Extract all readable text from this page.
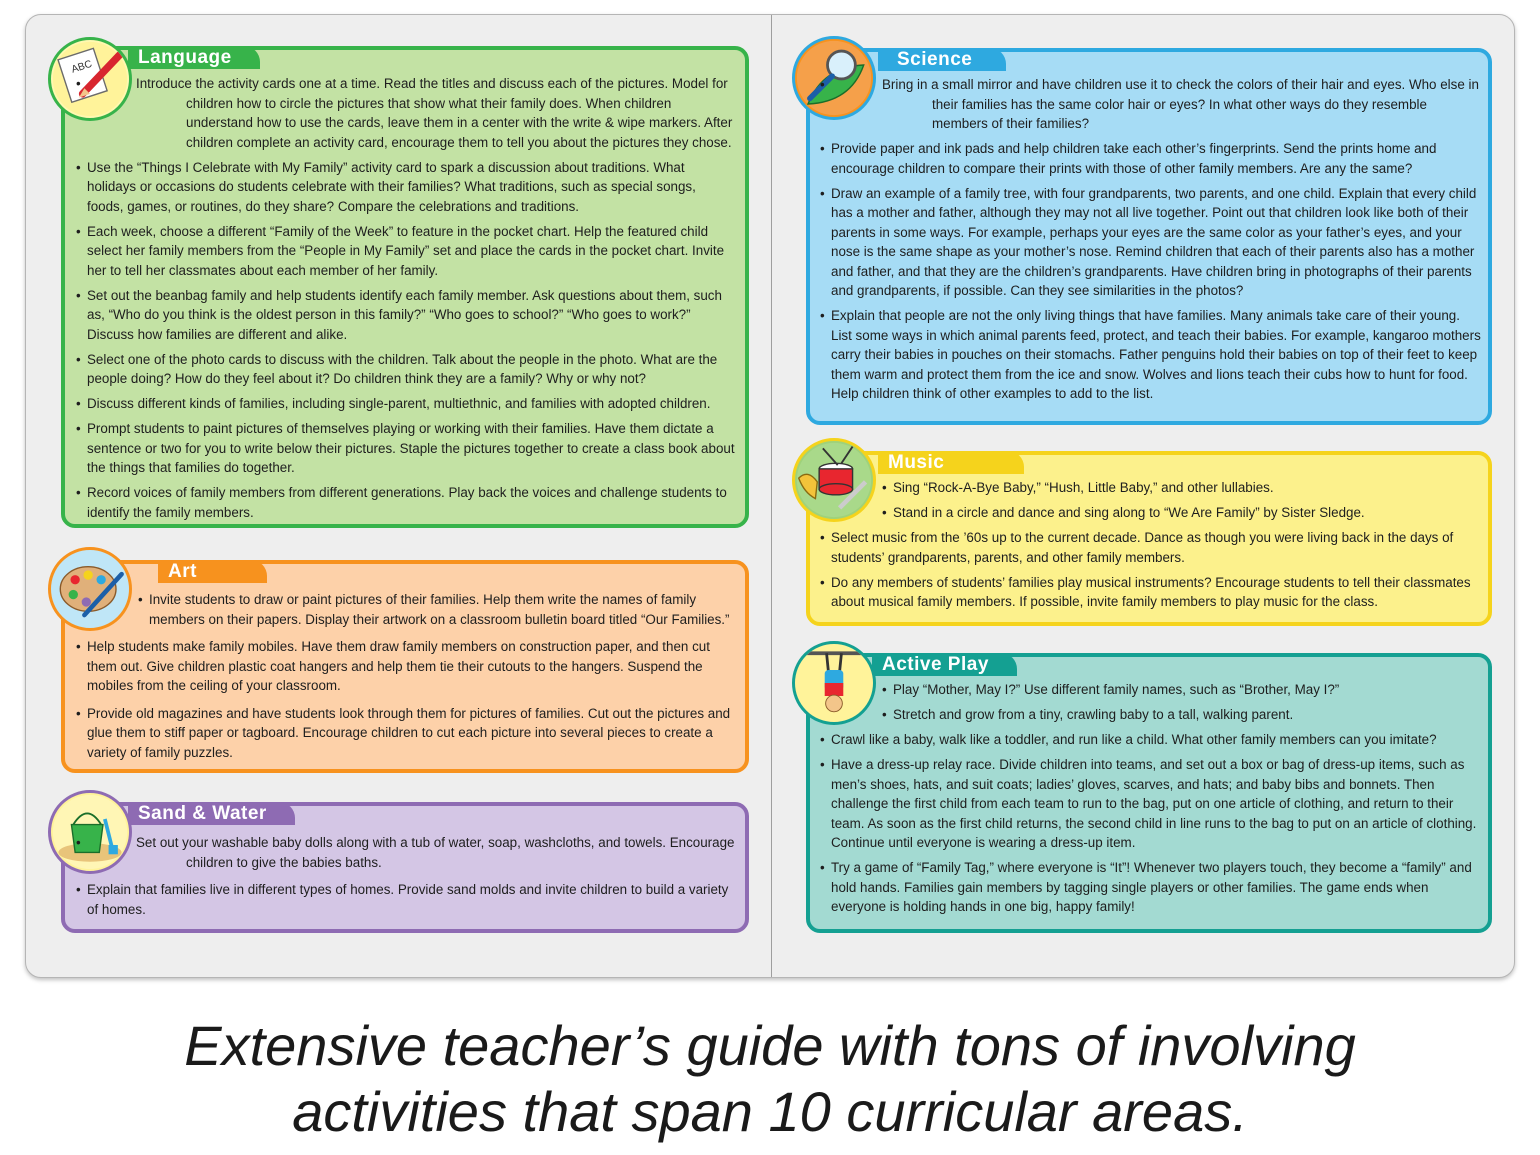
Language
ABC
• Introduce the activity cards one at a time. Read the titles and discuss each of the pictures. Model for children how to circle the pictures that show what their family does. When children understand how to use the cards, leave them in a center with the write & wipe markers. After children complete an activity card, encourage them to tell you about the pictures they chose.
• Use the “Things I Celebrate with My Family” activity card to spark a discussion about traditions. What holidays or occasions do students celebrate with their families? What traditions, such as special songs, foods, games, or routines, do they share? Compare the celebrations and traditions.
• Each week, choose a different “Family of the Week” to feature in the pocket chart. Help the featured child select her family members from the “People in My Family” set and place the cards in the pocket chart. Invite her to tell her classmates about each member of her family.
• Set out the beanbag family and help students identify each family member. Ask questions about them, such as, “Who do you think is the oldest person in this family?” “Who goes to school?” “Who goes to work?” Discuss how families are different and alike.
• Select one of the photo cards to discuss with the children. Talk about the people in the photo. What are the people doing? How do they feel about it? Do children think they are a family? Why or why not?
• Discuss different kinds of families, including single-parent, multiethnic, and families with adopted children.
• Prompt students to paint pictures of themselves playing or working with their families. Have them dictate a sentence or two for you to write below their pictures. Staple the pictures together to create a class book about the things that families do together.
• Record voices of family members from different generations. Play back the voices and challenge students to identify the family members.
Art
• Invite students to draw or paint pictures of their families. Help them write the names of family members on their papers. Display their artwork on a classroom bulletin board titled “Our Families.”
• Help students make family mobiles. Have them draw family members on construction paper, and then cut them out. Give children plastic coat hangers and help them tie their cutouts to the hangers. Suspend the mobiles from the ceiling of your classroom.
• Provide old magazines and have students look through them for pictures of families. Cut out the pictures and glue them to stiff paper or tagboard. Encourage children to cut each picture into several pieces to create a variety of family puzzles.
Sand & Water
• Set out your washable baby dolls along with a tub of water, soap, washcloths, and towels. Encourage children to give the babies baths.
• Explain that families live in different types of homes. Provide sand molds and invite children to build a variety of homes.
Science
• Bring in a small mirror and have children use it to check the colors of their hair and eyes. Who else in their families has the same color hair or eyes? In what other ways do they resemble members of their families?
• Provide paper and ink pads and help children take each other’s fingerprints. Send the prints home and encourage children to compare their prints with those of other family members. Are any the same?
• Draw an example of a family tree, with four grandparents, two parents, and one child. Explain that every child has a mother and father, although they may not all live together. Point out that children look like both of their parents in some ways. For example, perhaps your eyes are the same color as your father’s eyes, and your nose is the same shape as your mother’s nose. Remind children that each of their parents also has a mother and father, and that they are the children’s grandparents. Have children bring in photographs of their parents and grandparents, if possible. Can they see similarities in the photos?
• Explain that people are not the only living things that have families. Many animals take care of their young. List some ways in which animal parents feed, protect, and teach their babies. For example, kangaroo mothers carry their babies in pouches on their stomachs. Father penguins hold their babies on top of their feet to keep them warm and protect them from the ice and snow. Wolves and lions teach their cubs how to hunt for food. Help children think of other examples to add to the list.
Music
• Sing “Rock-A-Bye Baby,” “Hush, Little Baby,” and other lullabies.
• Stand in a circle and dance and sing along to “We Are Family” by Sister Sledge.
• Select music from the ’60s up to the current decade. Dance as though you were living back in the days of students’ grandparents, parents, and other family members.
• Do any members of students’ families play musical instruments? Encourage students to tell their classmates about musical family members. If possible, invite family members to play music for the class.
Active Play
• Play “Mother, May I?” Use different family names, such as “Brother, May I?”
• Stretch and grow from a tiny, crawling baby to a tall, walking parent.
• Crawl like a baby, walk like a toddler, and run like a child. What other family members can you imitate?
• Have a dress-up relay race. Divide children into teams, and set out a box or bag of dress-up items, such as men’s shoes, hats, and suit coats; ladies’ gloves, scarves, and hats; and baby bibs and bonnets. Then challenge the first child from each team to run to the bag, put on one article of clothing, and return to their team. As soon as the first child returns, the second child in line runs to the bag to put on an article of clothing. Continue until everyone is wearing a dress-up item.
• Try a game of “Family Tag,” where everyone is “It”! Whenever two players touch, they become a “family” and hold hands. Families gain members by tagging single players or other families. The game ends when everyone is holding hands in one big, happy family!
Extensive teacher’s guide with tons of involving
activities that span 10 curricular areas.
